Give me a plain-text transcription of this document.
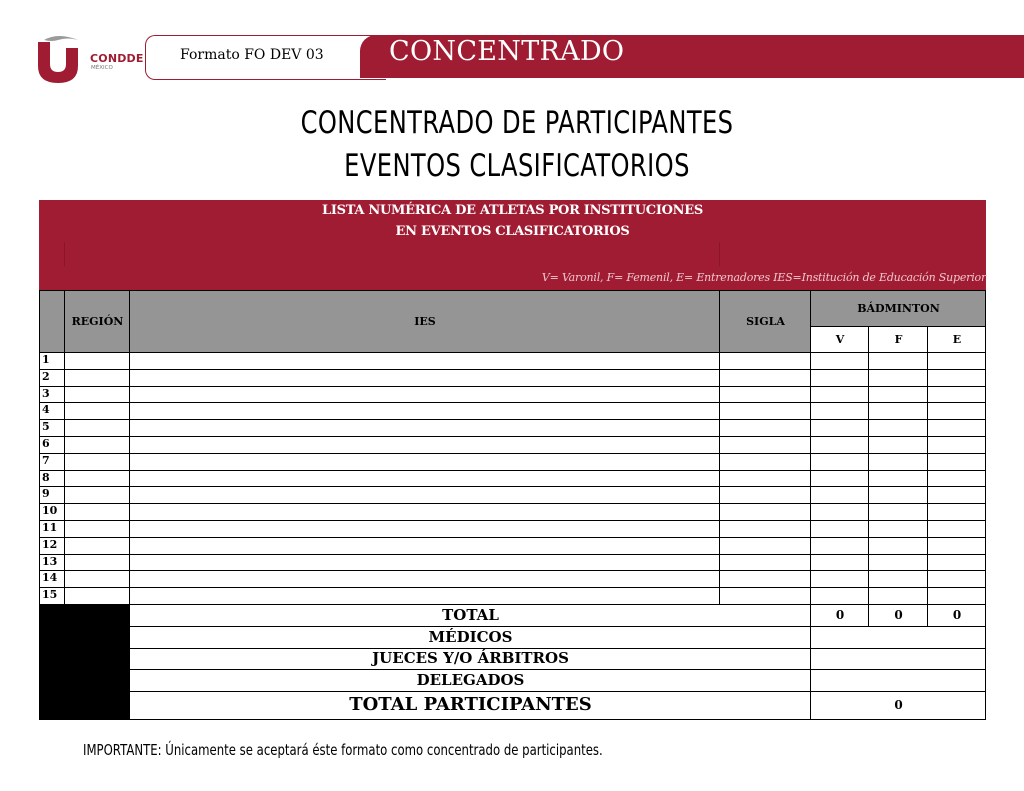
CONDDE
MÉXICO
Formato FO DEV 03 CONCENTRADO
CONCENTRADO DE PARTICIPANTES
EVENTOS CLASIFICATORIOS
LISTA NUMÉRICA DE ATLETAS POR INSTITUCIONES
EN EVENTOS CLASIFICATORIOS
V= Varonil, F= Femenil, E= Entrenadores IES=Institución de Educación Superior
REGIÓN	IES	SIGLA
BÁDMINTON
V	F	E
1
2
3
4
5
6
7
8
9
10
11
12
13
14
15
TOTAL	0	0	0
MÉDICOS
JUECES Y/O ÁRBITROS
DELEGADOS
TOTAL PARTICIPANTES	0
IMPORTANTE: Únicamente se aceptará éste formato como concentrado de participantes.
